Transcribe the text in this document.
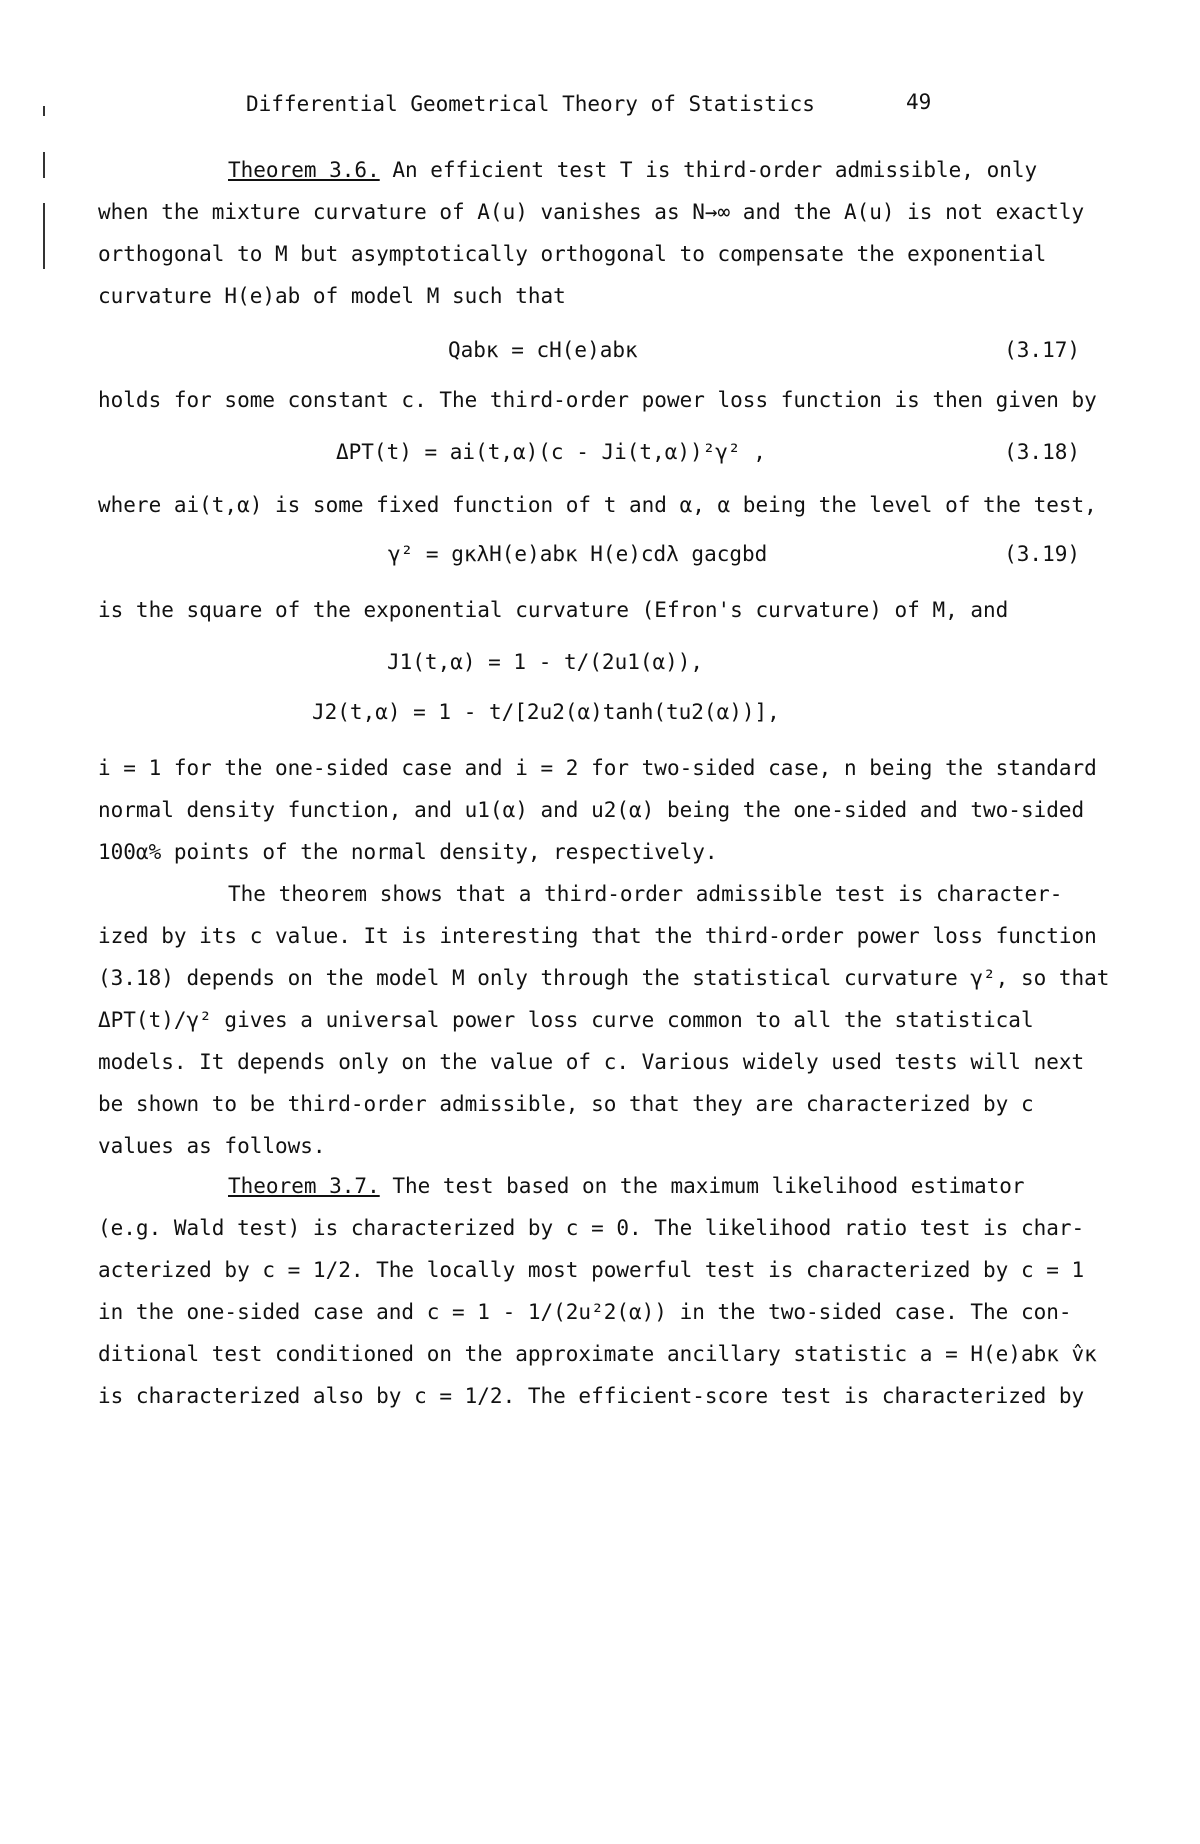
Differential Geometrical Theory of Statistics	49
Theorem 3.6. An efficient test T is third-order admissible, only
when the mixture curvature of A(u) vanishes as N→∞ and the A(u) is not exactly
orthogonal to M but asymptotically orthogonal to compensate the exponential
curvature H(e)ab of model M such that
Qabκ = cH(e)abκ	(3.17)
holds for some constant c. The third-order power loss function is then given by
ΔPT(t) = ai(t,α)(c - Ji(t,α))²γ² ,	(3.18)
where ai(t,α) is some fixed function of t and α, α being the level of the test,
γ² = gκλH(e)abκ H(e)cdλ gacgbd	(3.19)
is the square of the exponential curvature (Efron's curvature) of M, and
J1(t,α) = 1 - t/(2u1(α)),
J2(t,α) = 1 - t/[2u2(α)tanh(tu2(α))],
i = 1 for the one-sided case and i = 2 for two-sided case, n being the standard
normal density function, and u1(α) and u2(α) being the one-sided and two-sided
100α% points of the normal density, respectively.
The theorem shows that a third-order admissible test is character-
ized by its c value. It is interesting that the third-order power loss function
(3.18) depends on the model M only through the statistical curvature γ², so that
ΔPT(t)/γ² gives a universal power loss curve common to all the statistical
models. It depends only on the value of c. Various widely used tests will next
be shown to be third-order admissible, so that they are characterized by c
values as follows.
Theorem 3.7. The test based on the maximum likelihood estimator
(e.g. Wald test) is characterized by c = 0. The likelihood ratio test is char-
acterized by c = 1/2. The locally most powerful test is characterized by c = 1
in the one-sided case and c = 1 - 1/(2u²2(α)) in the two-sided case. The con-
ditional test conditioned on the approximate ancillary statistic a = H(e)abκ v̂κ
is characterized also by c = 1/2. The efficient-score test is characterized by
